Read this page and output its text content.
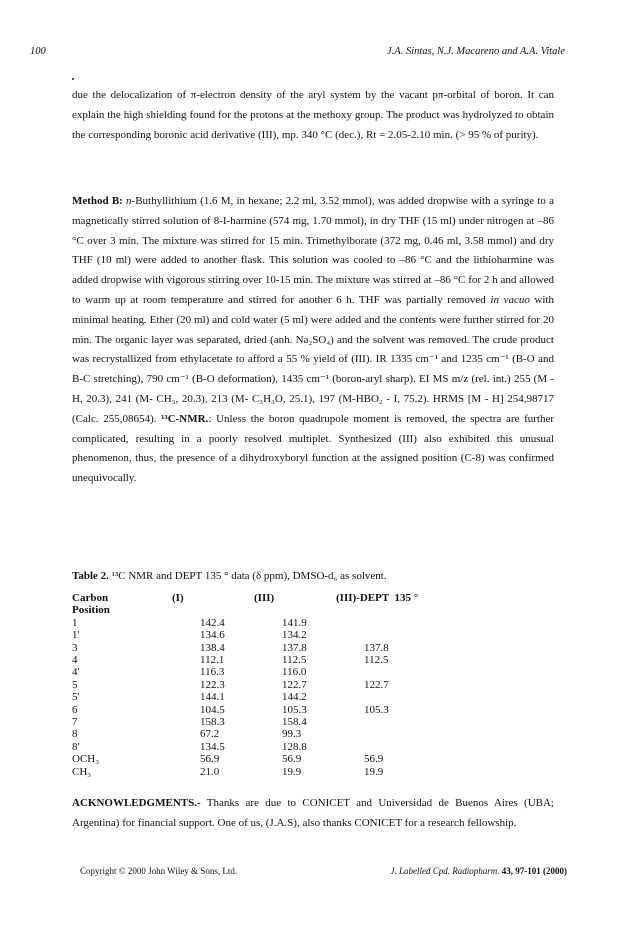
100	J.A. Sintas, N.J. Macareno and A.A. Vitale

due the delocalization of π-electron density of the aryl system by the vacant pπ-orbital of boron. It can explain the high shielding found for the protons at the methoxy group. The product was hydrolyzed to obtain the corresponding boronic acid derivative (III), mp. 340 °C (dec.), Rt = 2.05-2.10 min. (> 95 % of purity).

Method B: n-Buthyllithium (1.6 M, in hexane; 2.2 ml, 3.52 mmol), was added dropwise with a syringe to a magnetically stirred solution of 8-I-harmine (574 mg, 1.70 mmol), in dry THF (15 ml) under nitrogen at –86 °C over 3 min. The mixture was stirred for 15 min. Trimethylborate (372 mg, 0.46 ml, 3.58 mmol) and dry THF (10 ml) were added to another flask. This solution was cooled to –86 °C and the lithioharmine was added dropwise with vigorous stirring over 10-15 min. The mixture was stirred at –86 °C for 2 h and allowed to warm up at room temperature and stirred for another 6 h. THF was partially removed in vacuo with minimal heating. Ether (20 ml) and cold water (5 ml) were added and the contents were further stirred for 20 min. The organic layer was separated, dried (anh. Na₂SO₄) and the solvent was removed. The crude product was recrystallized from ethylacetate to afford a 55 % yield of (III). IR 1335 cm⁻¹ and 1235 cm⁻¹ (B-O and B-C stretching), 790 cm⁻¹ (B-O deformation), 1435 cm⁻¹ (boron-aryl sharp). EI MS m/z (rel. int.) 255 (M -H, 20.3), 241 (M- CH₃, 20.3), 213 (M- C₃H₃O, 25.1), 197 (M-HBO₂ - I, 75.2). HRMS [M - H] 254,98717 (Calc. 255,08654). ¹³C-NMR.: Unless the boron quadrupole moment is removed, the spectra are further complicated, resulting in a poorly resolved multiplet. Synthesized (III) also exhibited this unusual phenomenon, thus, the presence of a dihydroxyboryl function at the assigned position (C-8) was confirmed unequivocally.

Table 2. ¹³C NMR and DEPT 135 ° data (δ ppm), DMSO-d₆ as solvent.
Carbon
Position	(I)	(III)	(III)-DEPT  135 °
1	142.4	141.9	
1'	134.6	134.2	
3	138.4	137.8	137.8
4	112.1	112.5	112.5
4'	116.3	116.0	
5	122.3	122.7	122.7
5'	144.1	144.2	
6	104.5	105.3	105.3
7	158.3	158.4	
8	67.2	99.3	
8'	134.5	128.8	
OCH₃	56.9	56.9	56.9
CH₃	21.0	19.9	19.9

ACKNOWLEDGMENTS.- Thanks are due to CONICET and Universidad de Buenos Aires (UBA; Argentina) for financial support. One of us, (J.A.S), also thanks CONICET for a research fellowship.

Copyright © 2000 John Wiley & Sons, Ltd.	J. Labelled Cpd. Radiopharm. 43, 97-101 (2000)
